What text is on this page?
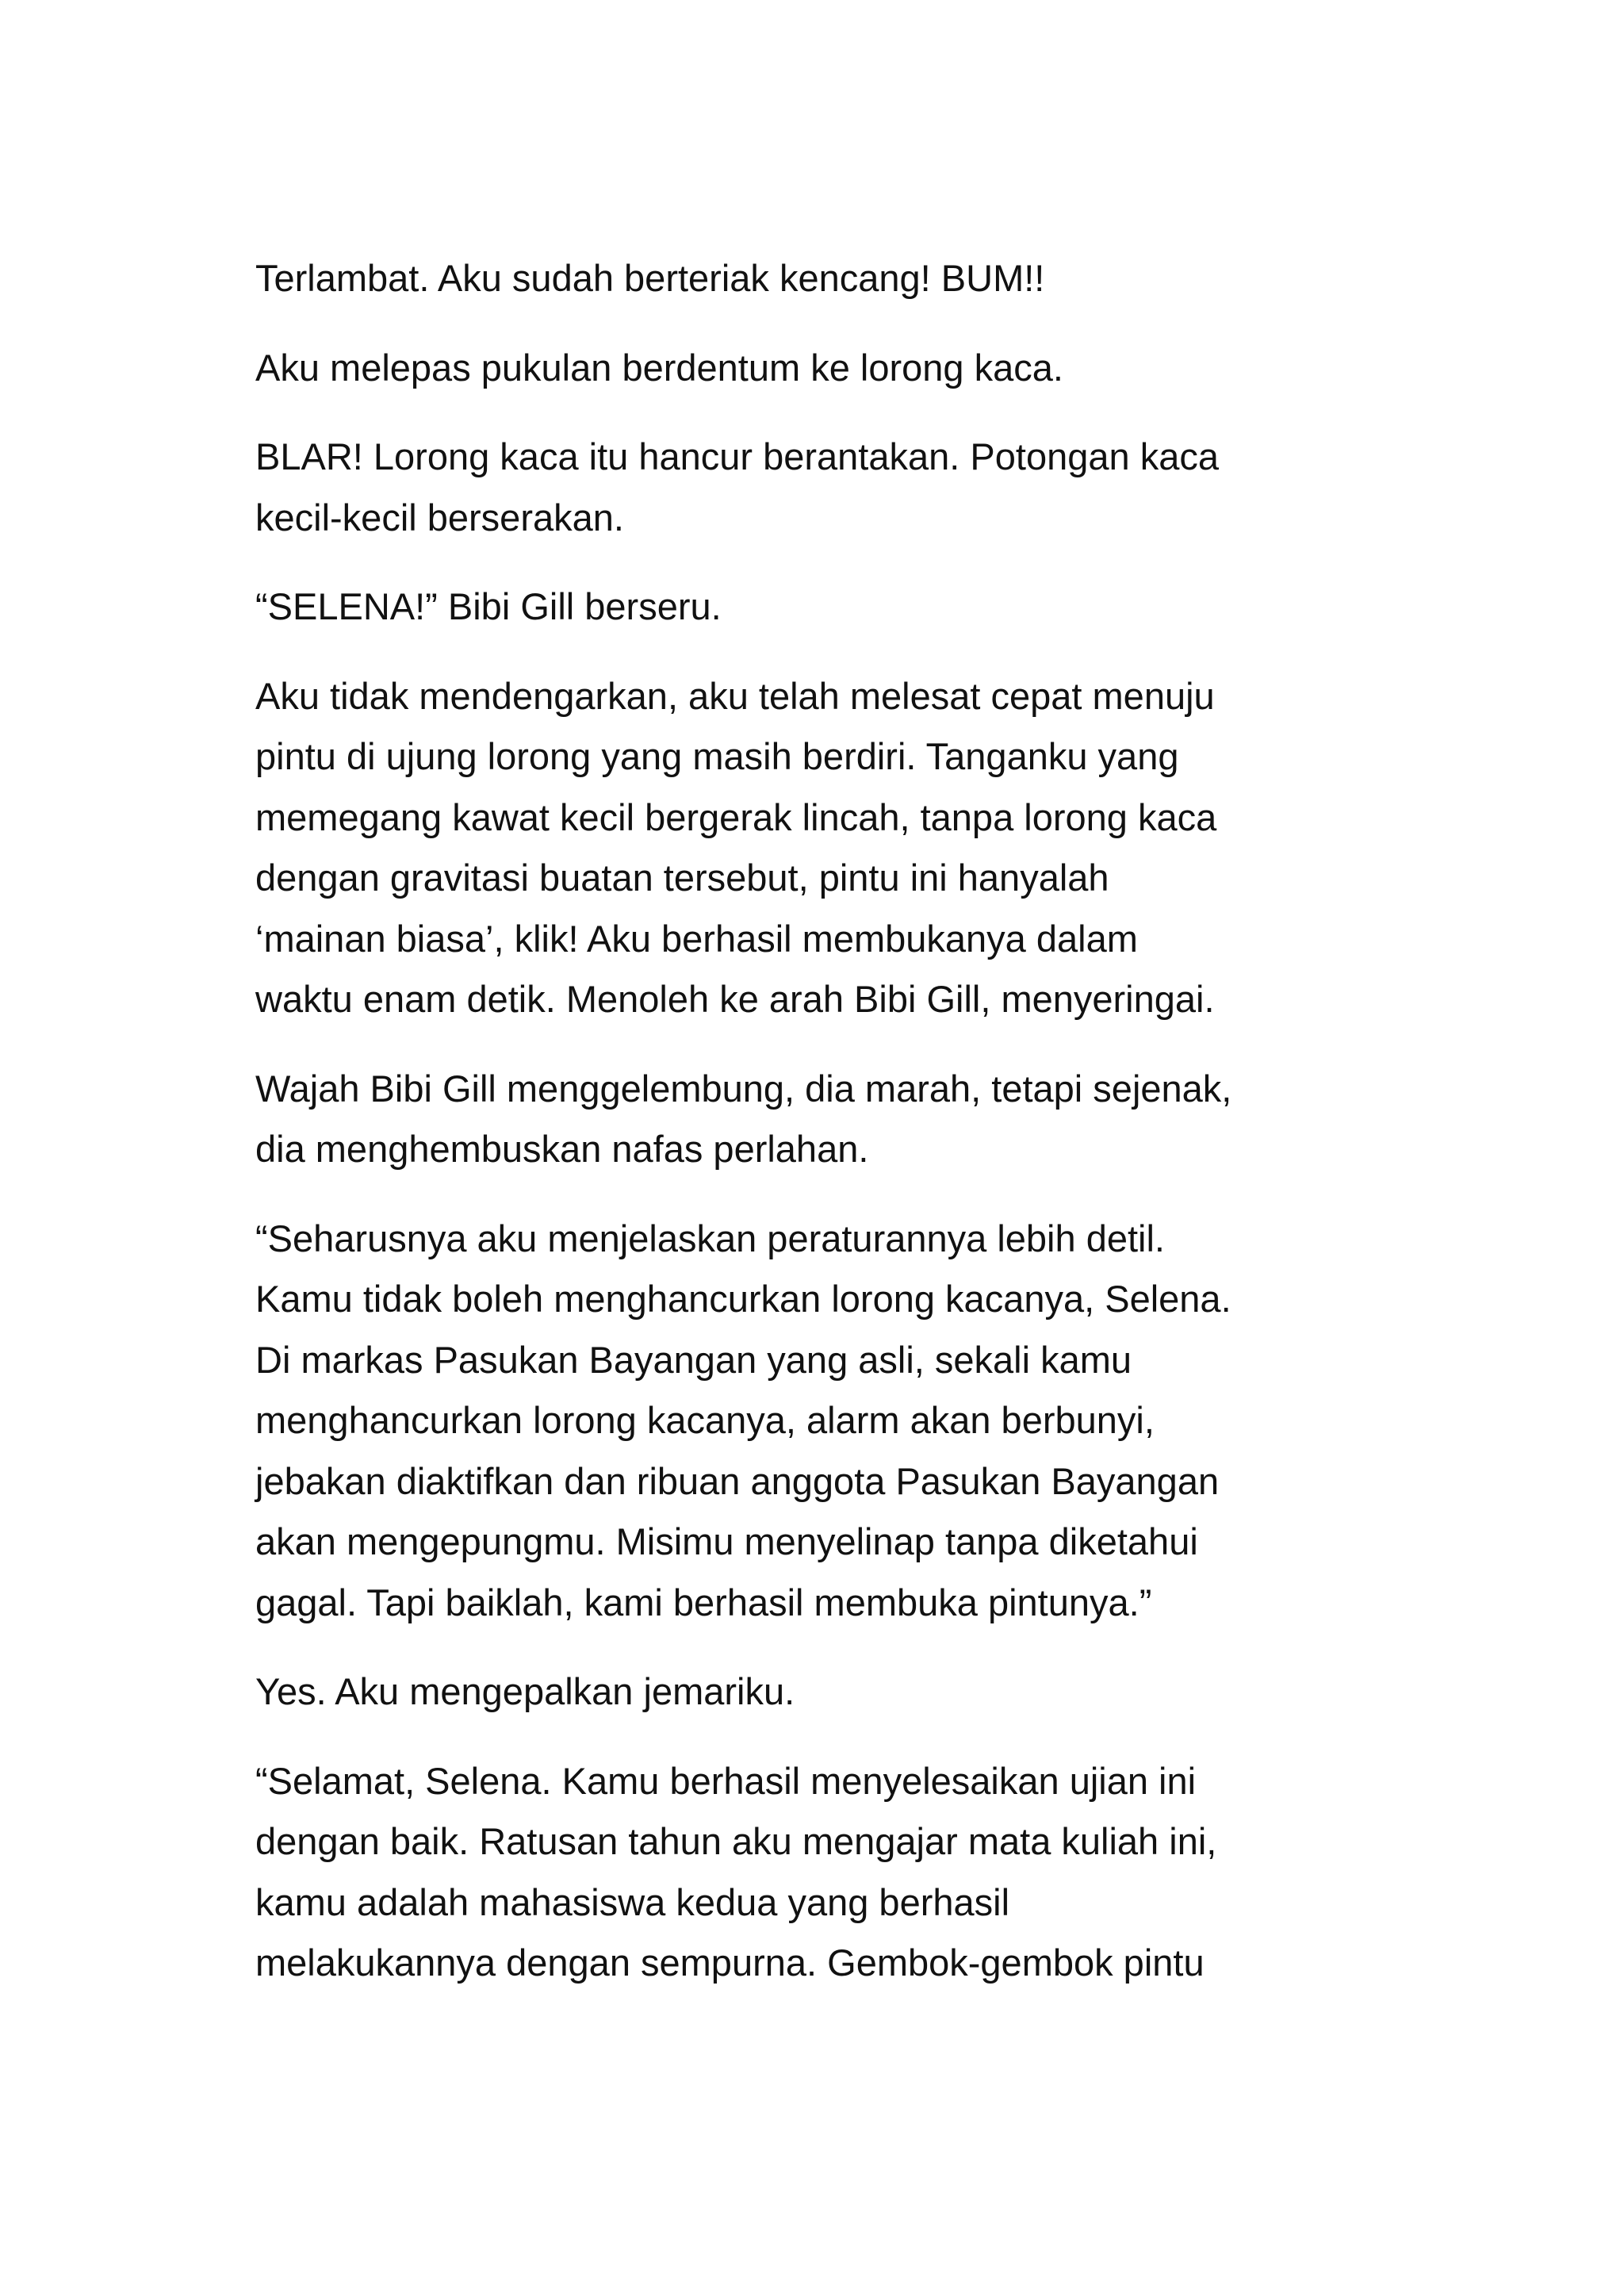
Terlambat. Aku sudah berteriak kencang! BUM!!

Aku melepas pukulan berdentum ke lorong kaca.

BLAR! Lorong kaca itu hancur berantakan. Potongan kaca
kecil-kecil berserakan.

“SELENA!” Bibi Gill berseru.

Aku tidak mendengarkan, aku telah melesat cepat menuju
pintu di ujung lorong yang masih berdiri. Tanganku yang
memegang kawat kecil bergerak lincah, tanpa lorong kaca
dengan gravitasi buatan tersebut, pintu ini hanyalah
‘mainan biasa’, klik! Aku berhasil membukanya dalam
waktu enam detik. Menoleh ke arah Bibi Gill, menyeringai.

Wajah Bibi Gill menggelembung, dia marah, tetapi sejenak,
dia menghembuskan nafas perlahan.

“Seharusnya aku menjelaskan peraturannya lebih detil.
Kamu tidak boleh menghancurkan lorong kacanya, Selena.
Di markas Pasukan Bayangan yang asli, sekali kamu
menghancurkan lorong kacanya, alarm akan berbunyi,
jebakan diaktifkan dan ribuan anggota Pasukan Bayangan
akan mengepungmu. Misimu menyelinap tanpa diketahui
gagal. Tapi baiklah, kami berhasil membuka pintunya.”

Yes. Aku mengepalkan jemariku.

“Selamat, Selena. Kamu berhasil menyelesaikan ujian ini
dengan baik. Ratusan tahun aku mengajar mata kuliah ini,
kamu adalah mahasiswa kedua yang berhasil
melakukannya dengan sempurna. Gembok-gembok pintu
